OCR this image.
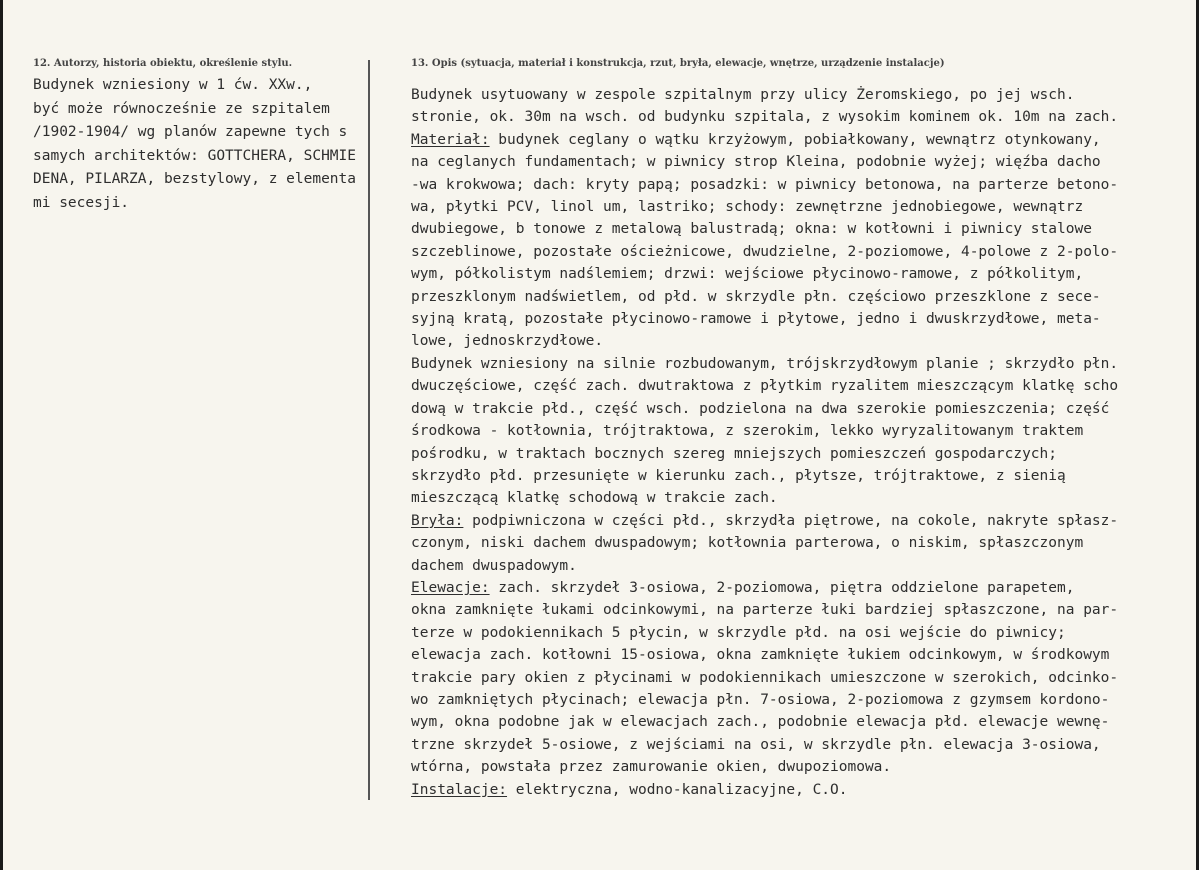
12. Autorzy, historia obiektu, określenie stylu.	13. Opis (sytuacja, materiał i konstrukcja, rzut, bryła, elewacje, wnętrze, urządzenie instalacje)
Budynek wzniesiony w 1 ćw. XXw.,
być może równocześnie ze szpitalem
/1902-1904/ wg planów zapewne tych s
samych architektów: GOTTCHERA, SCHMIE
DENA, PILARZA, bezstylowy, z elementa
mi secesji.
Budynek usytuowany w zespole szpitalnym przy ulicy Żeromskiego, po jej wsch.
stronie, ok. 30m na wsch. od budynku szpitala, z wysokim kominem ok. 10m na zach.
Materiał: budynek ceglany o wątku krzyżowym, pobiałkowany, wewnątrz otynkowany,
na ceglanych fundamentach; w piwnicy strop Kleina, podobnie wyżej; więźba dacho
-wa krokwowa; dach: kryty papą; posadzki: w piwnicy betonowa, na parterze betono-
wa, płytki PCV, linol um, lastriko; schody: zewnętrzne jednobiegowe, wewnątrz
dwubiegowe, b tonowe z metalową balustradą; okna: w kotłowni i piwnicy stalowe
szczeblinowe, pozostałe ościeżnicowe, dwudzielne, 2-poziomowe, 4-polowe z 2-polo-
wym, półkolistym nadślemiem; drzwi: wejściowe płycinowo-ramowe, z półkolitym,
przeszklonym nadświetlem, od płd. w skrzydle płn. częściowo przeszklone z sece-
syjną kratą, pozostałe płycinowo-ramowe i płytowe, jedno i dwuskrzydłowe, meta-
lowe, jednoskrzydłowe.
Budynek wzniesiony na silnie rozbudowanym, trójskrzydłowym planie ; skrzydło płn.
dwuczęściowe, część zach. dwutraktowa z płytkim ryzalitem mieszczącym klatkę scho
dową w trakcie płd., część wsch. podzielona na dwa szerokie pomieszczenia; część
środkowa - kotłownia, trójtraktowa, z szerokim, lekko wyryzalitowanym traktem
pośrodku, w traktach bocznych szereg mniejszych pomieszczeń gospodarczych;
skrzydło płd. przesunięte w kierunku zach., płytsze, trójtraktowe, z sienią
mieszczącą klatkę schodową w trakcie zach.
Bryła: podpiwniczona w części płd., skrzydła piętrowe, na cokole, nakryte spłasz-
czonym, niski dachem dwuspadowym; kotłownia parterowa, o niskim, spłaszczonym
dachem dwuspadowym.
Elewacje: zach. skrzydeł 3-osiowa, 2-poziomowa, piętra oddzielone parapetem,
okna zamknięte łukami odcinkowymi, na parterze łuki bardziej spłaszczone, na par-
terze w podokiennikach 5 płycin, w skrzydle płd. na osi wejście do piwnicy;
elewacja zach. kotłowni 15-osiowa, okna zamknięte łukiem odcinkowym, w środkowym
trakcie pary okien z płycinami w podokiennikach umieszczone w szerokich, odcinko-
wo zamkniętych płycinach; elewacja płn. 7-osiowa, 2-poziomowa z gzymsem kordono-
wym, okna podobne jak w elewacjach zach., podobnie elewacja płd. elewacje wewnę-
trzne skrzydeł 5-osiowe, z wejściami na osi, w skrzydle płn. elewacja 3-osiowa,
wtórna, powstała przez zamurowanie okien, dwupoziomowa.
Instalacje: elektryczna, wodno-kanalizacyjne, C.O.
